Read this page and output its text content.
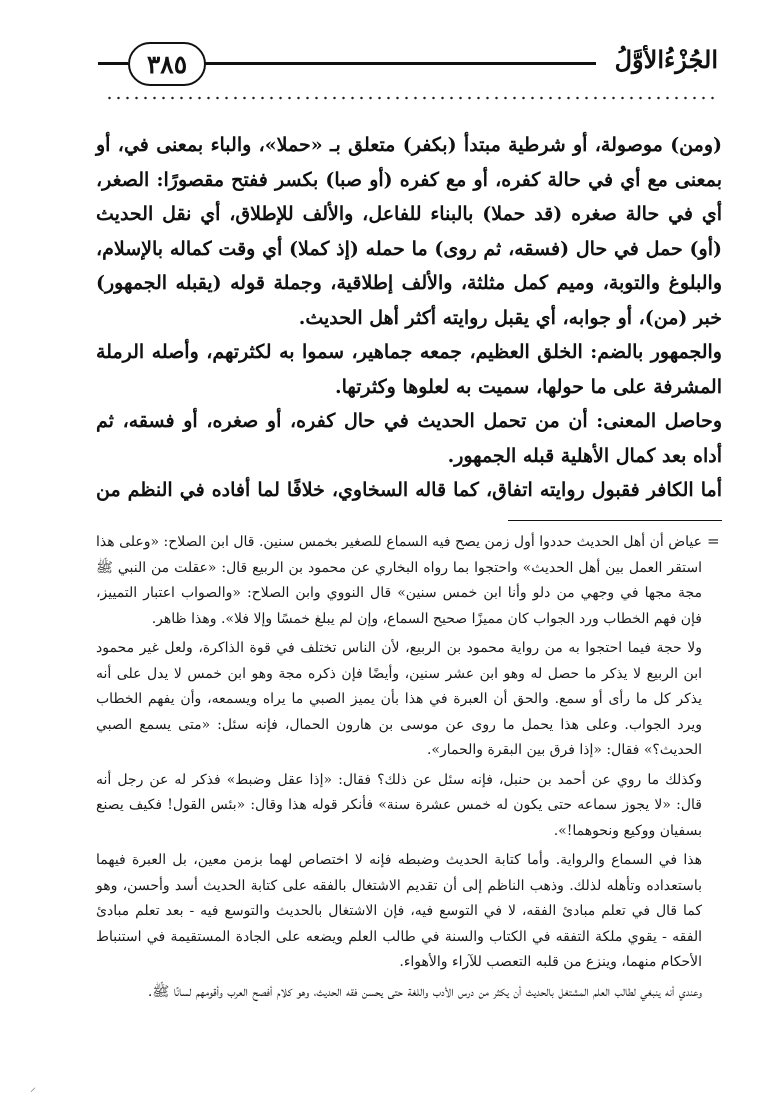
٣٨٥	الجُزْءُالأوَّلُ

(ومن) موصولة، أو شرطية مبتدأ (بكفر) متعلق بـ «حملا»، والباء بمعنى في، أو بمعنى مع أي في حالة كفره، أو مع كفره (أو صبا) بكسر ففتح مقصورًا: الصغر، أي في حالة صغره (قد حملا) بالبناء للفاعل، والألف للإطلاق، أي نقل الحديث (أو) حمل في حال (فسقه، ثم روى) ما حمله (إذ كملا) أي وقت كماله بالإسلام، والبلوغ والتوبة، وميم كمل مثلثة، والألف إطلاقية، وجملة قوله (يقبله الجمهور) خبر (من)، أو جوابه، أي يقبل روايته أكثر أهل الحديث.

والجمهور بالضم: الخلق العظيم، جمعه جماهير، سموا به لكثرتهم، وأصله الرملة المشرفة على ما حولها، سميت به لعلوها وكثرتها.

وحاصل المعنى: أن من تحمل الحديث في حال كفره، أو صغره، أو فسقه، ثم أداه بعد كمال الأهلية قبله الجمهور.

أما الكافر فقبول روايته اتفاق، كما قاله السخاوي، خلافًا لما أفاده في النظم من

=

عياض أن أهل الحديث حددوا أول زمن يصح فيه السماع للصغير بخمس سنين. قال ابن الصلاح: «وعلى هذا استقر العمل بين أهل الحديث» واحتجوا بما رواه البخاري عن محمود بن الربيع قال: «عقلت من النبي ﷺ مجة مجها في وجهي من دلو وأنا ابن خمس سنين» قال النووي وابن الصلاح: «والصواب اعتبار التمييز، فإن فهم الخطاب ورد الجواب كان مميزًا صحيح السماع، وإن لم يبلغ خمسًا وإلا فلا». وهذا ظاهر.

ولا حجة فيما احتجوا به من رواية محمود بن الربيع، لأن الناس تختلف في قوة الذاكرة، ولعل غير محمود ابن الربيع لا يذكر ما حصل له وهو ابن عشر سنين، وأيضًا فإن ذكره مجة وهو ابن خمس لا يدل على أنه يذكر كل ما رأى أو سمع. والحق أن العبرة في هذا بأن يميز الصبي ما يراه ويسمعه، وأن يفهم الخطاب ويرد الجواب. وعلى هذا يحمل ما روى عن موسى بن هارون الحمال، فإنه سئل: «متى يسمع الصبي الحديث؟» فقال: «إذا فرق بين البقرة والحمار».

وكذلك ما روي عن أحمد بن حنبل، فإنه سئل عن ذلك؟ فقال: «إذا عقل وضبط» فذكر له عن رجل أنه قال: «لا يجوز سماعه حتى يكون له خمس عشرة سنة» فأنكر قوله هذا وقال: «بئس القول! فكيف يصنع بسفيان ووكيع ونحوهما!».

هذا في السماع والرواية. وأما كتابة الحديث وضبطه فإنه لا اختصاص لهما بزمن معين، بل العبرة فيهما باستعداده وتأهله لذلك. وذهب الناظم إلى أن تقديم الاشتغال بالفقه على كتابة الحديث أسد وأحسن، وهو كما قال في تعلم مبادئ الفقه، لا في التوسع فيه، فإن الاشتغال بالحديث والتوسع فيه - بعد تعلم مبادئ الفقه - يقوي ملكة التفقه في الكتاب والسنة في طالب العلم ويضعه على الجادة المستقيمة في استنباط الأحكام منهما، وينزع من قلبه التعصب للآراء والأهواء.

وعندي أنه ينبغي لطالب العلم المشتغل بالحديث أن يكثر من درس الأدب واللغة حتى يحسن فقه الحديث، وهو كلام أفصح العرب وأقومهم لسانًا ﷺ.

⸝
